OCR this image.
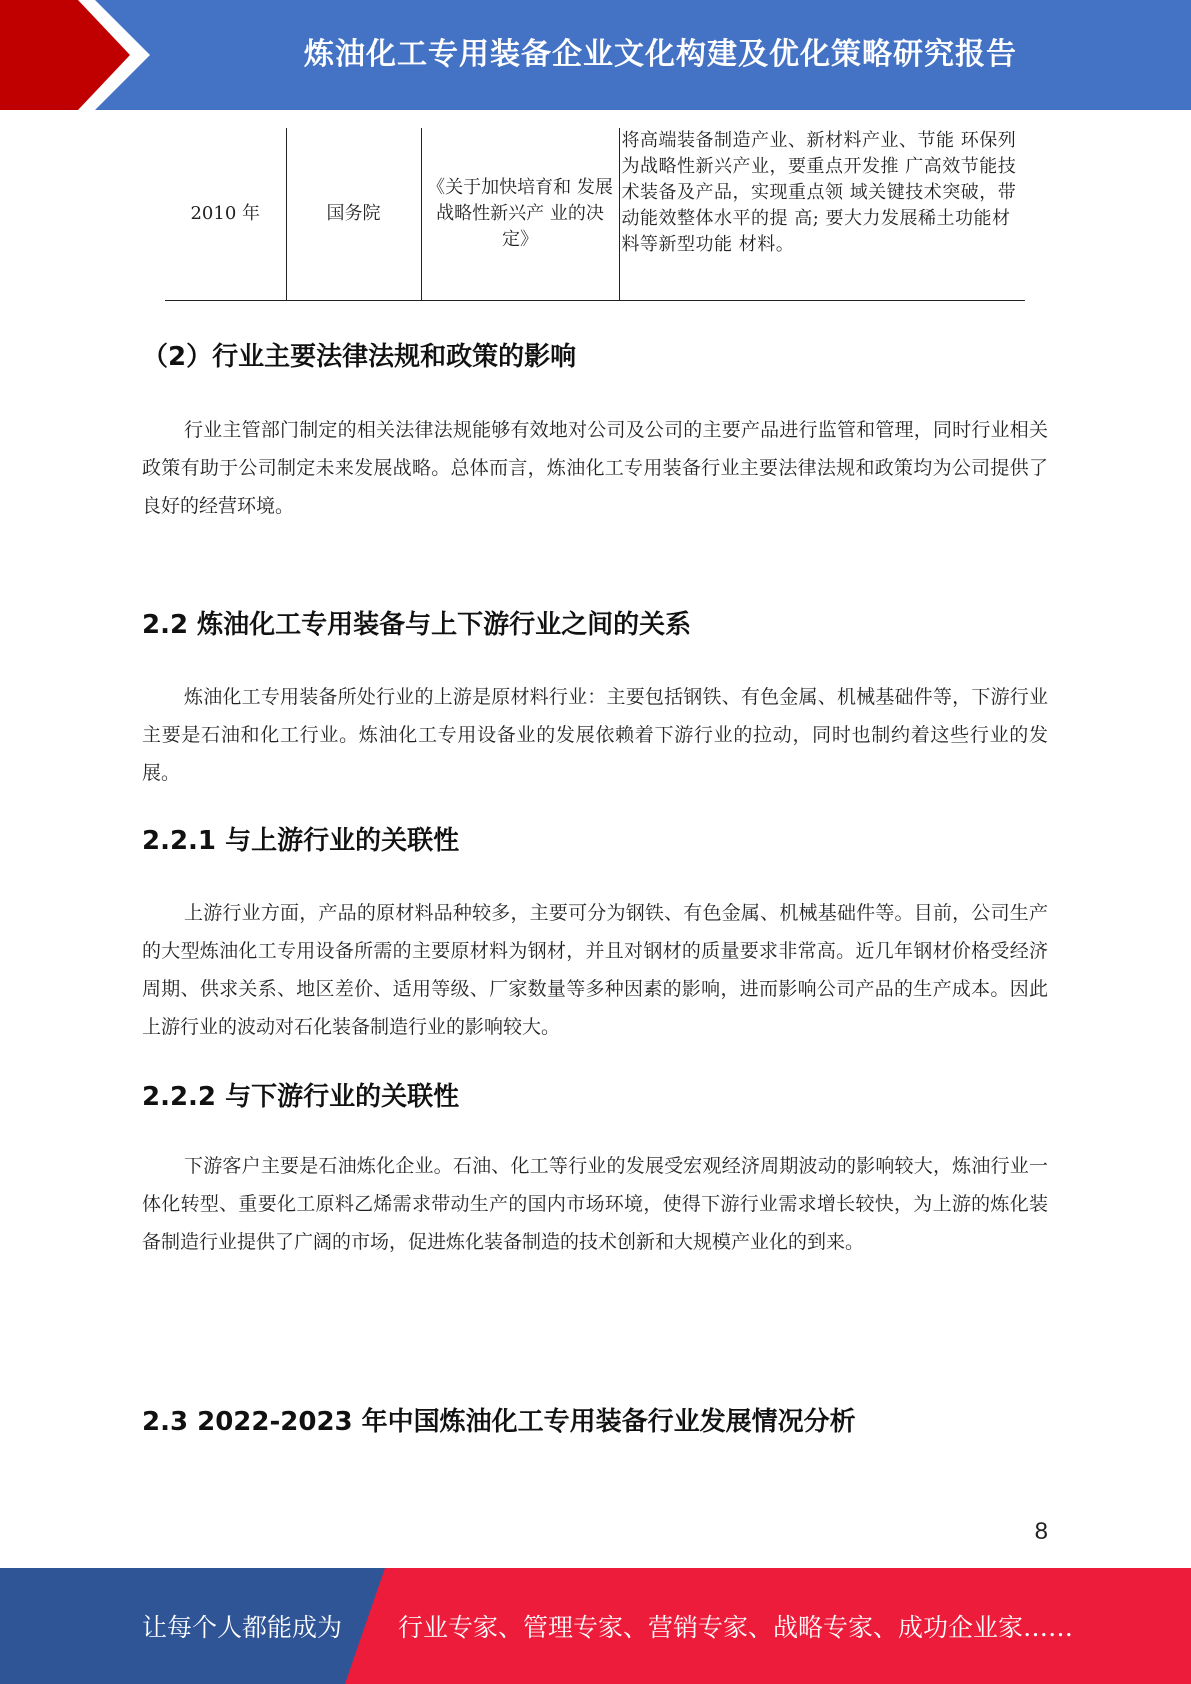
炼油化工专用装备企业文化构建及优化策略研究报告
2010 年	国务院	《关于加快培育和 发展战略性新兴产 业的决定》	将高端装备制造产业、新材料产业、节能 环保列为战略性新兴产业，要重点开发推 广高效节能技术装备及产品，实现重点领 域关键技术突破，带动能效整体水平的提 高; 要大力发展稀土功能材料等新型功能 材料。
（2）行业主要法律法规和政策的影响

行业主管部门制定的相关法律法规能够有效地对公司及公司的主要产品进行监管和管理，同时行业相关政策有助于公司制定未来发展战略。总体而言，炼油化工专用装备行业主要法律法规和政策均为公司提供了良好的经营环境。

2.2 炼油化工专用装备与上下游行业之间的关系

炼油化工专用装备所处行业的上游是原材料行业：主要包括钢铁、有色金属、机械基础件等，下游行业主要是石油和化工行业。炼油化工专用设备业的发展依赖着下游行业的拉动，同时也制约着这些行业的发展。

2.2.1 与上游行业的关联性

上游行业方面，产品的原材料品种较多，主要可分为钢铁、有色金属、机械基础件等。目前，公司生产的大型炼油化工专用设备所需的主要原材料为钢材，并且对钢材的质量要求非常高。近几年钢材价格受经济周期、供求关系、地区差价、适用等级、厂家数量等多种因素的影响，进而影响公司产品的生产成本。因此上游行业的波动对石化装备制造行业的影响较大。

2.2.2 与下游行业的关联性

下游客户主要是石油炼化企业。石油、化工等行业的发展受宏观经济周期波动的影响较大，炼油行业一体化转型、重要化工原料乙烯需求带动生产的国内市场环境，使得下游行业需求增长较快，为上游的炼化装备制造行业提供了广阔的市场，促进炼化装备制造的技术创新和大规模产业化的到来。

2.3 2022-2023 年中国炼油化工专用装备行业发展情况分析
8
让每个人都能成为 行业专家、管理专家、营销专家、战略专家、成功企业家……
